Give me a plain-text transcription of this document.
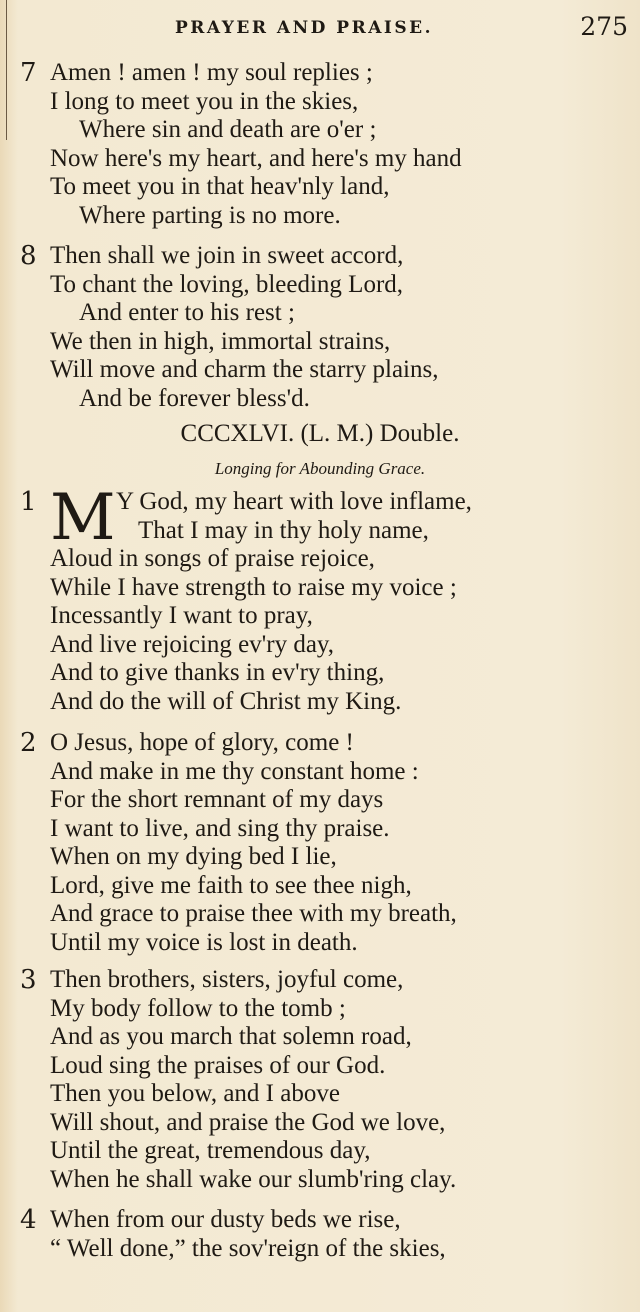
PRAYER AND PRAISE.	275
7 Amen ! amen ! my soul replies ;
I long to meet you in the skies,
Where sin and death are o'er ;
Now here's my heart, and here's my hand
To meet you in that heav'nly land,
Where parting is no more.
8 Then shall we join in sweet accord,
To chant the loving, bleeding Lord,
And enter to his rest ;
We then in high, immortal strains,
Will move and charm the starry plains,
And be forever bless'd.
CCCXLVI. (L. M.) Double.
Longing for Abounding Grace.
1 M Y God, my heart with love inflame,
That I may in thy holy name,
Aloud in songs of praise rejoice,
While I have strength to raise my voice ;
Incessantly I want to pray,
And live rejoicing ev'ry day,
And to give thanks in ev'ry thing,
And do the will of Christ my King.
2 O Jesus, hope of glory, come !
And make in me thy constant home :
For the short remnant of my days
I want to live, and sing thy praise.
When on my dying bed I lie,
Lord, give me faith to see thee nigh,
And grace to praise thee with my breath,
Until my voice is lost in death.
3 Then brothers, sisters, joyful come,
My body follow to the tomb ;
And as you march that solemn road,
Loud sing the praises of our God.
Then you below, and I above
Will shout, and praise the God we love,
Until the great, tremendous day,
When he shall wake our slumb'ring clay.
4 When from our dusty beds we rise,
“ Well done,” the sov'reign of the skies,
